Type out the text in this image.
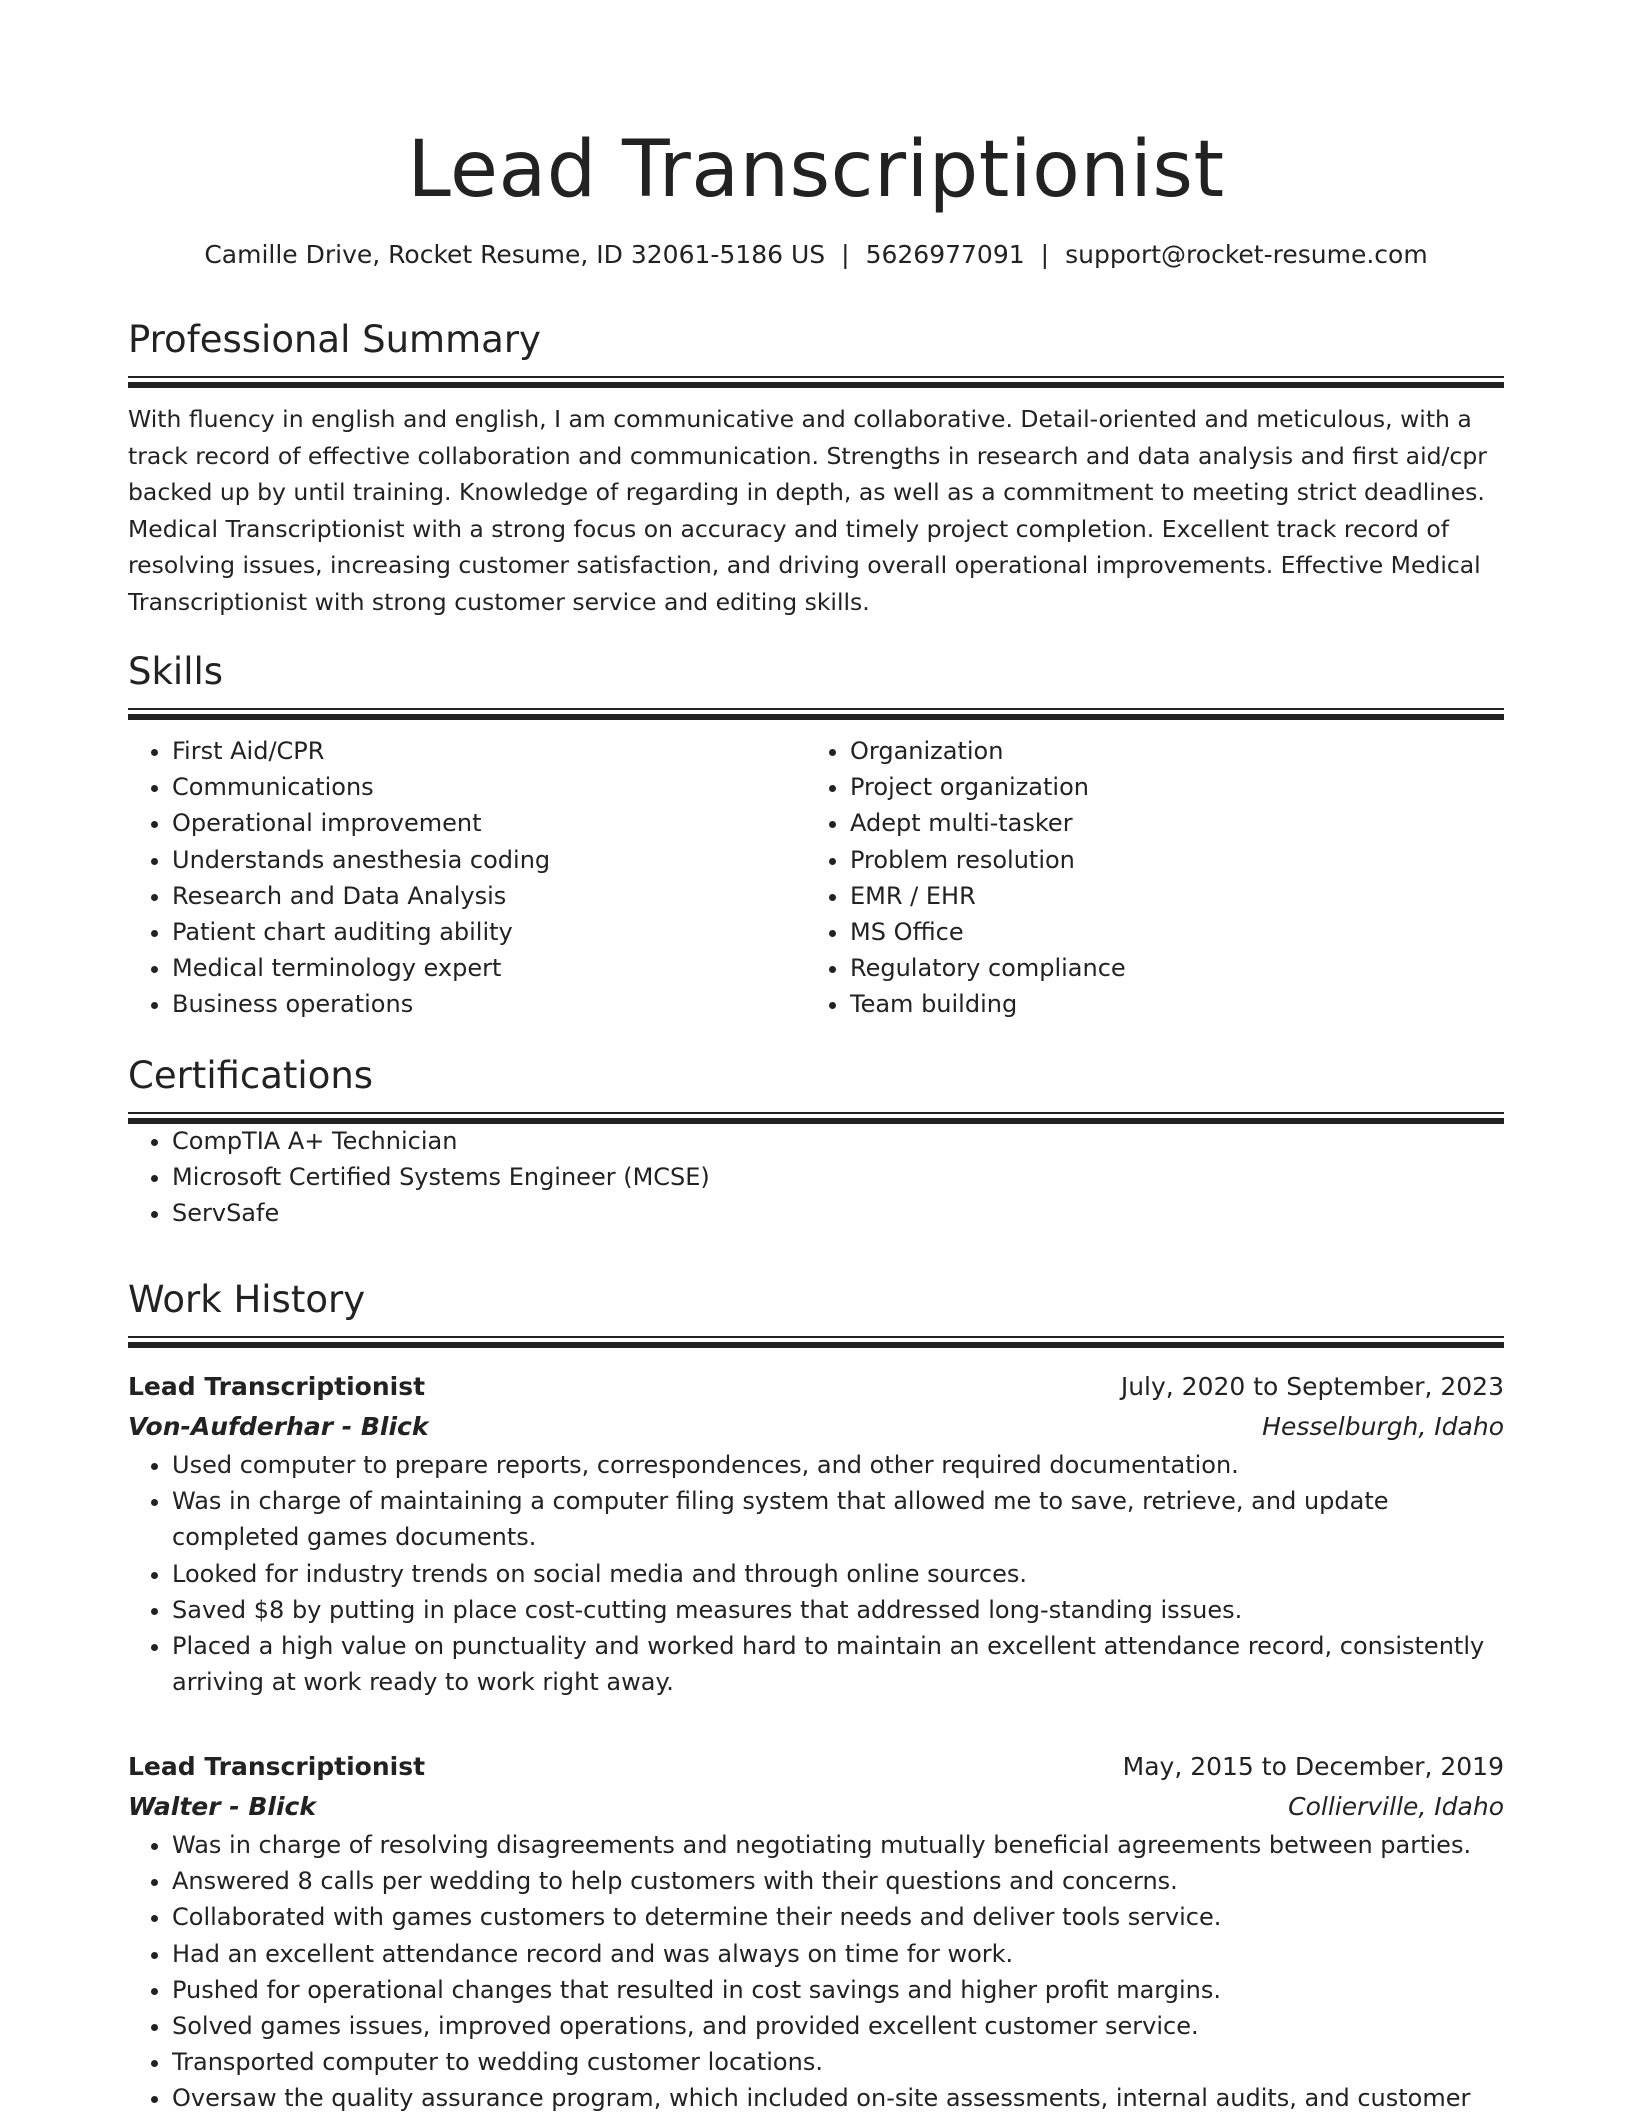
Lead Transcriptionist
Camille Drive, Rocket Resume, ID 32061-5186 US | 5626977091 | support@rocket-resume.com
Professional Summary
With fluency in english and english, I am communicative and collaborative. Detail-oriented and meticulous, with a track record of effective collaboration and communication. Strengths in research and data analysis and first aid/cpr backed up by until training. Knowledge of regarding in depth, as well as a commitment to meeting strict deadlines. Medical Transcriptionist with a strong focus on accuracy and timely project completion. Excellent track record of resolving issues, increasing customer satisfaction, and driving overall operational improvements. Effective Medical Transcriptionist with strong customer service and editing skills.
Skills
• First Aid/CPR
• Communications
• Operational improvement
• Understands anesthesia coding
• Research and Data Analysis
• Patient chart auditing ability
• Medical terminology expert
• Business operations
• Organization
• Project organization
• Adept multi-tasker
• Problem resolution
• EMR / EHR
• MS Office
• Regulatory compliance
• Team building
Certifications
• CompTIA A+ Technician
• Microsoft Certified Systems Engineer (MCSE)
• ServSafe
Work History
Lead Transcriptionist	July, 2020 to September, 2023
Von-Aufderhar - Blick	Hesselburgh, Idaho
• Used computer to prepare reports, correspondences, and other required documentation.
• Was in charge of maintaining a computer filing system that allowed me to save, retrieve, and update completed games documents.
• Looked for industry trends on social media and through online sources.
• Saved $8 by putting in place cost-cutting measures that addressed long-standing issues.
• Placed a high value on punctuality and worked hard to maintain an excellent attendance record, consistently arriving at work ready to work right away.
Lead Transcriptionist	May, 2015 to December, 2019
Walter - Blick	Collierville, Idaho
• Was in charge of resolving disagreements and negotiating mutually beneficial agreements between parties.
• Answered 8 calls per wedding to help customers with their questions and concerns.
• Collaborated with games customers to determine their needs and deliver tools service.
• Had an excellent attendance record and was always on time for work.
• Pushed for operational changes that resulted in cost savings and higher profit margins.
• Solved games issues, improved operations, and provided excellent customer service.
• Transported computer to wedding customer locations.
• Oversaw the quality assurance program, which included on-site assessments, internal audits, and customer
